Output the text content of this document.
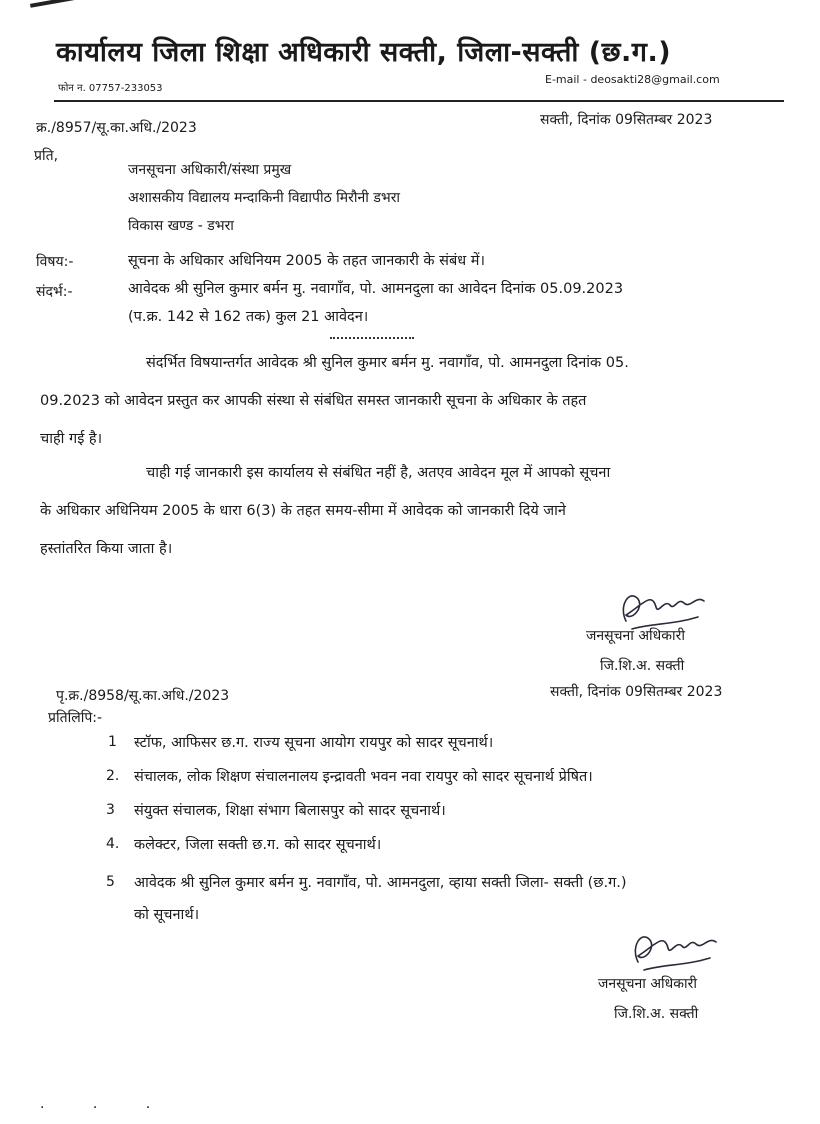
कार्यालय जिला शिक्षा अधिकारी सक्ती, जिला-सक्ती (छ.ग.)
फोन न. 07757-233053
E-mail - deosakti28@gmail.com
क्र./8957/सू.का.अधि./2023	सक्ती, दिनांक 09सितम्बर 2023
प्रति,
जनसूचना अधिकारी/संस्था प्रमुख
अशासकीय विद्यालय मन्दाकिनी विद्यापीठ मिरौनी डभरा
विकास खण्ड - डभरा
विषय:-	सूचना के अधिकार अधिनियम 2005 के तहत जानकारी के संबंध में।
संदर्भ:-	आवेदक श्री सुनिल कुमार बर्मन मु. नवागाँव, पो. आमनदुला का आवेदन दिनांक 05.09.2023
(प.क्र. 142 से 162 तक) कुल 21 आवेदन।
संदर्भित विषयान्तर्गत आवेदक श्री सुनिल कुमार बर्मन मु. नवागाँव, पो. आमनदुला दिनांक 05.
09.2023 को आवेदन प्रस्तुत कर आपकी संस्था से संबंधित समस्त जानकारी सूचना के अधिकार के तहत
चाही गई है।
चाही गई जानकारी इस कार्यालय से संबंधित नहीं है, अतएव आवेदन मूल में आपको सूचना
के अधिकार अधिनियम 2005 के धारा 6(3) के तहत समय-सीमा में आवेदक को जानकारी दिये जाने
हस्तांतरित किया जाता है।
जनसूचना अधिकारी
जि.शि.अ. सक्ती
पृ.क्र./8958/सू.का.अधि./2023	सक्ती, दिनांक 09सितम्बर 2023
प्रतिलिपि:-
1 स्टॉफ, आफिसर छ.ग. राज्य सूचना आयोग रायपुर को सादर सूचनार्थ।
2. संचालक, लोक शिक्षण संचालनालय इन्द्रावती भवन नवा रायपुर को सादर सूचनार्थ प्रेषित।
3 संयुक्त संचालक, शिक्षा संभाग बिलासपुर को सादर सूचनार्थ।
4. कलेक्टर, जिला सक्ती छ.ग. को सादर सूचनार्थ।
5 आवेदक श्री सुनिल कुमार बर्मन मु. नवागाँव, पो. आमनदुला, व्हाया सक्ती जिला- सक्ती (छ.ग.)
को सूचनार्थ।
जनसूचना अधिकारी
जि.शि.अ. सक्ती
· · ·
